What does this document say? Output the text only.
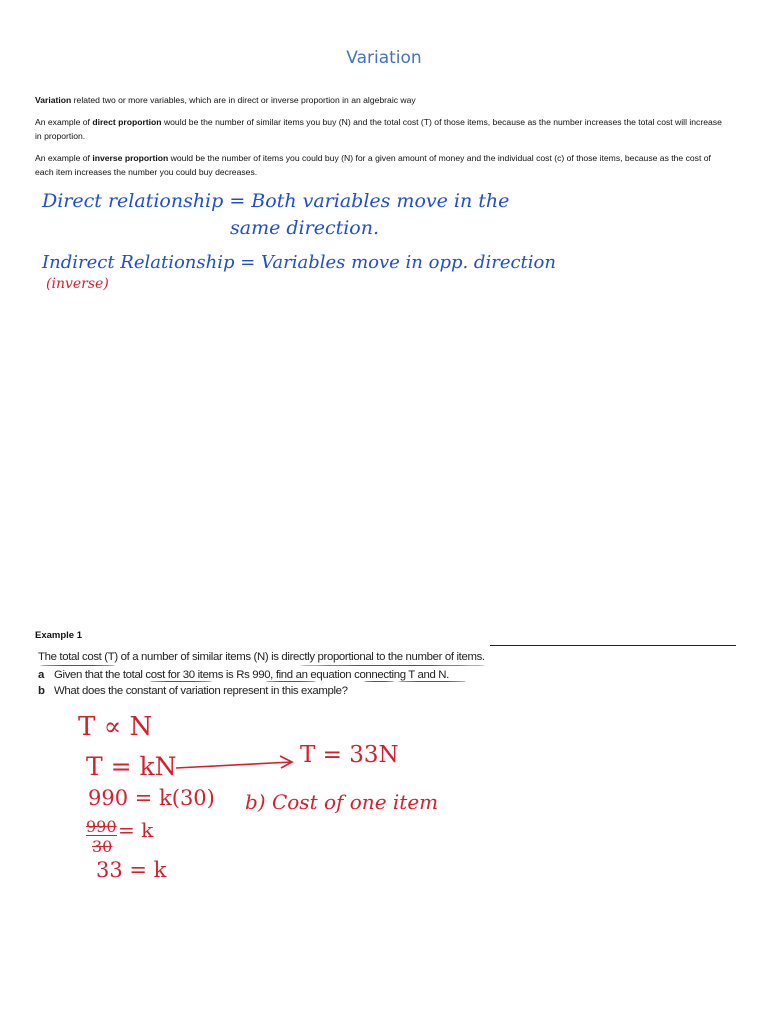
Variation
Variation related two or more variables, which are in direct or inverse proportion in an algebraic way
An example of direct proportion would be the number of similar items you buy (N) and the total cost (T) of those items, because as the number increases the total cost will increase in proportion.
An example of inverse proportion would be the number of items you could buy (N) for a given amount of money and the individual cost (c) of those items, because as the cost of each item increases the number you could buy decreases.
Direct relationship = Both variables move in the
same direction.
Indirect Relationship = Variables move in opp. direction
(inverse)
Example 1
The total cost (T) of a number of similar items (N) is directly proportional to the number of items.
a Given that the total cost for 30 items is Rs 990, find an equation connecting T and N.
b What does the constant of variation represent in this example?
T ∝ N
T = kN	T = 33N
990 = k(30)
990
30
= k
33 = k
b) Cost of one item
